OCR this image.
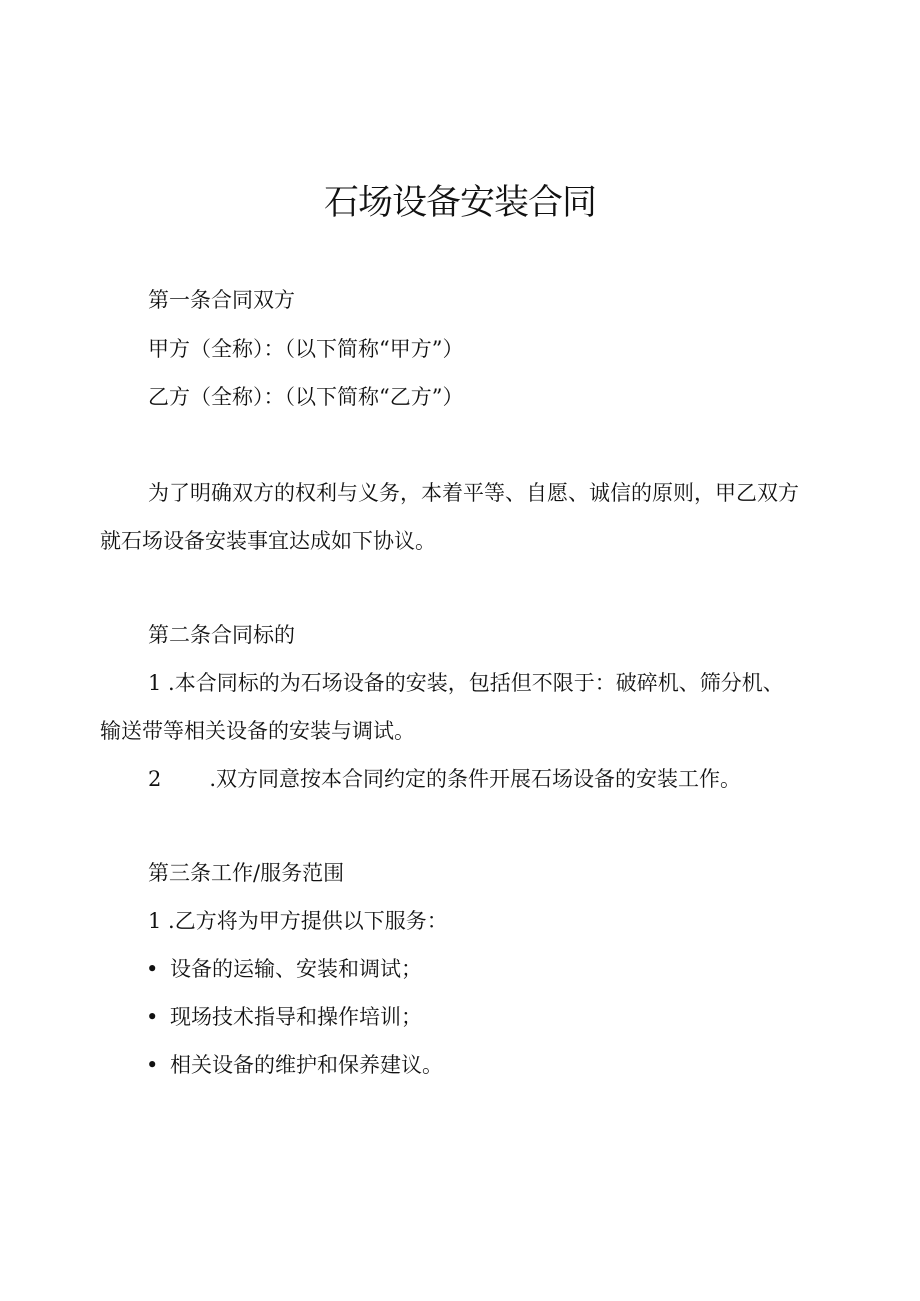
石场设备安装合同
第一条合同双方
甲方（全称）：（以下简称“甲方”）
乙方（全称）：（以下简称“乙方”）
为了明确双方的权利与义务，本着平等、自愿、诚信的原则，甲乙双方
就石场设备安装事宜达成如下协议。
第二条合同标的
1 .本合同标的为石场设备的安装，包括但不限于：破碎机、筛分机、
输送带等相关设备的安装与调试。
2 .双方同意按本合同约定的条件开展石场设备的安装工作。
第三条工作/服务范围
1 .乙方将为甲方提供以下服务：
• 设备的运输、安装和调试；
• 现场技术指导和操作培训；
• 相关设备的维护和保养建议。
